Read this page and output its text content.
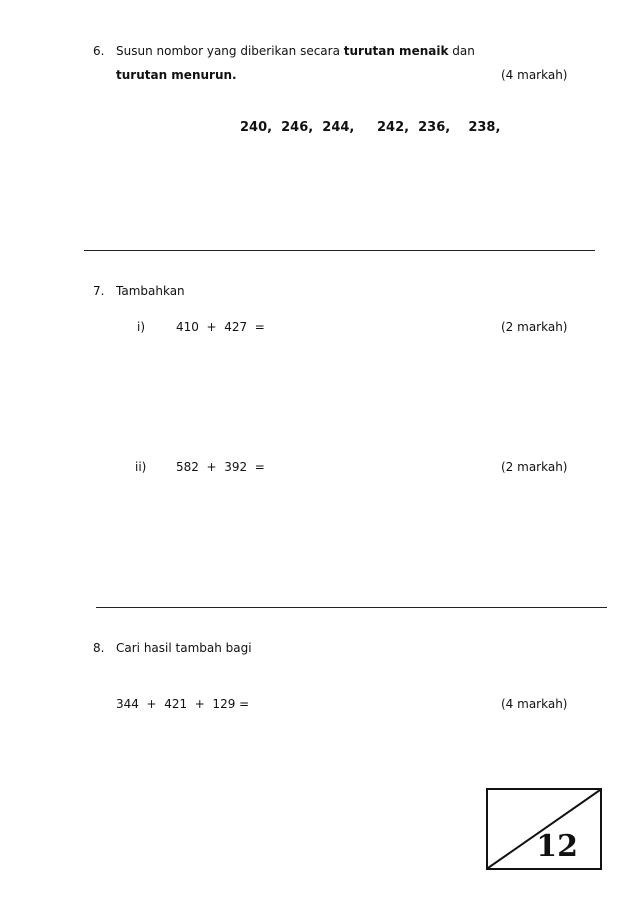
6. Susun nombor yang diberikan secara turutan menaik dan
turutan menurun.	(4 markah)
240, 246, 244, 242, 236, 238,
7. Tambahkan
i)	410  +  427  =	(2 markah)
ii) 582  +  392  =	(2 markah)
8. Cari hasil tambah bagi
344  +  421  +  129 =	(4 markah)
12
